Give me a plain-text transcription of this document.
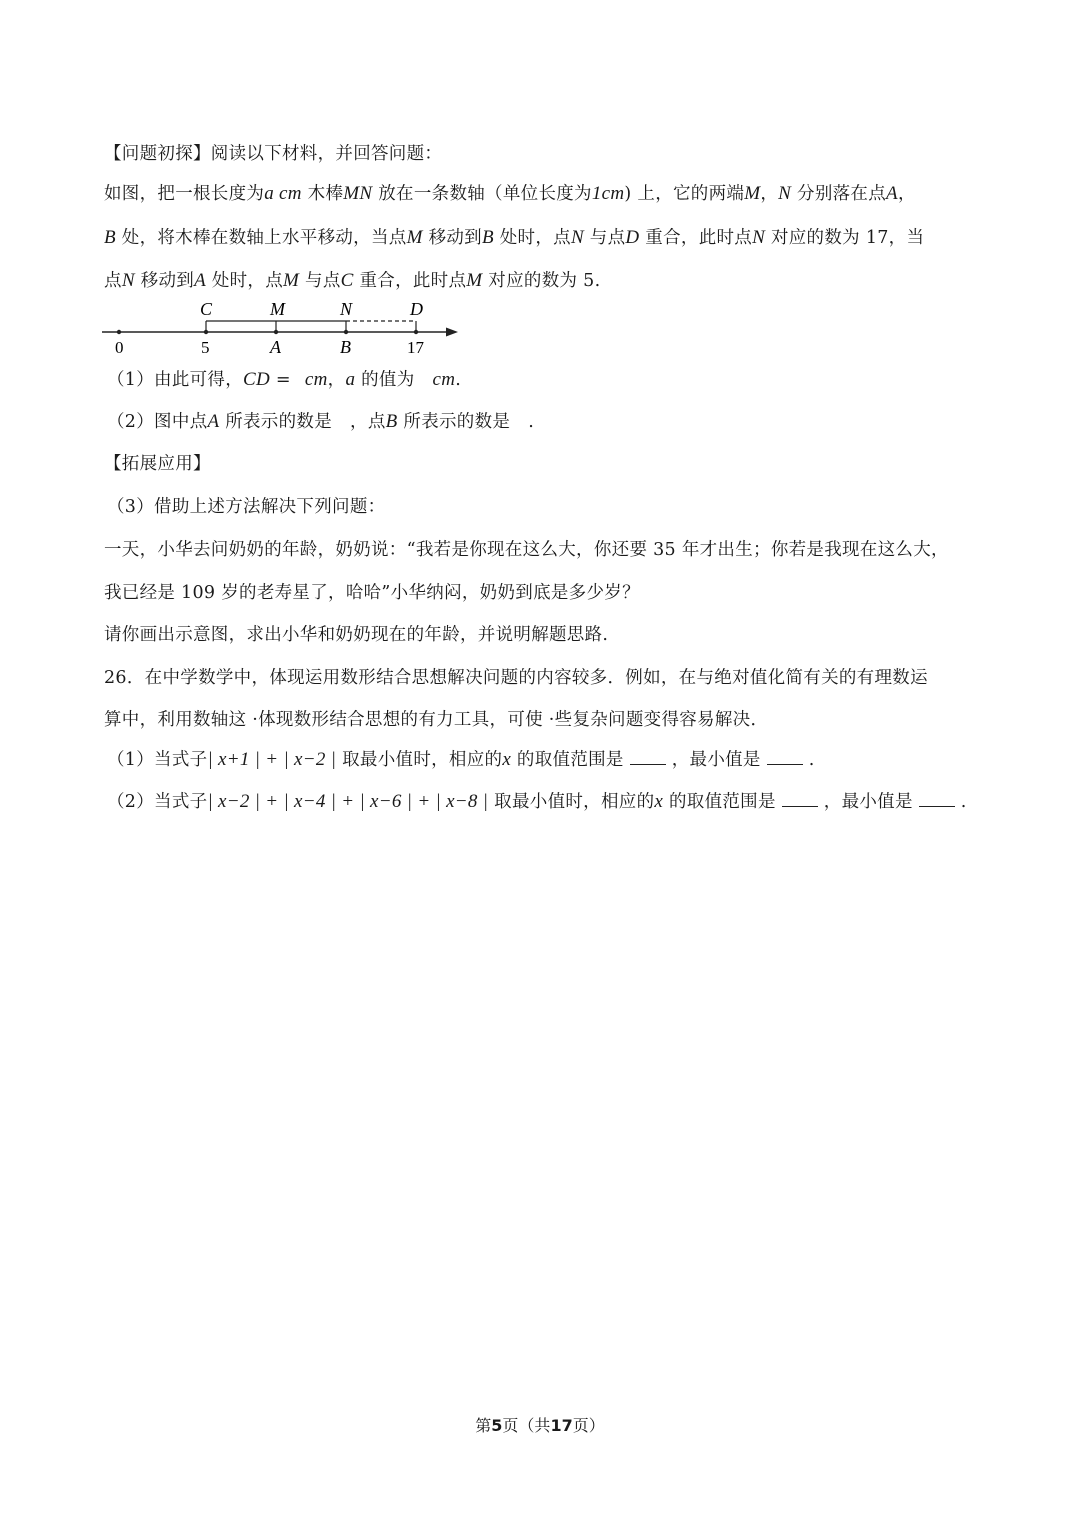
【问题初探】阅读以下材料，并回答问题：
如图，把一根长度为a cm 木棒MN 放在一条数轴（单位长度为1cm) 上，它的两端M，N 分别落在点A，
B 处，将木棒在数轴上水平移动，当点M 移动到B 处时，点N 与点D 重合，此时点N 对应的数为 17，当
点N 移动到A 处时，点M 与点C 重合，此时点M 对应的数为 5.
C	M	N	D
0	5	A	B	17
（1）由此可得，CD = cm，a 的值为 cm.
（2）图中点A 所表示的数是 ，点B 所表示的数是 .
【拓展应用】
（3）借助上述方法解决下列问题：
一天，小华去问奶奶的年龄，奶奶说：“我若是你现在这么大，你还要 35 年才出生；你若是我现在这么大，
我已经是 109 岁的老寿星了，哈哈”小华纳闷，奶奶到底是多少岁？
请你画出示意图，求出小华和奶奶现在的年龄，并说明解题思路.
26．在中学数学中，体现运用数形结合思想解决问题的内容较多．例如，在与绝对值化简有关的有理数运
算中，利用数轴这 ·体现数形结合思想的有力工具，可使 ·些复杂问题变得容易解决．
（1）当式子| x+1 | + | x−2 | 取最小值时，相应的x 的取值范围是	，最小值是	.
（2）当式子| x−2 | + | x−4 | + | x−6 | + | x−8 | 取最小值时，相应的x 的取值范围是	，最小值是	.
第5页（共17页）
